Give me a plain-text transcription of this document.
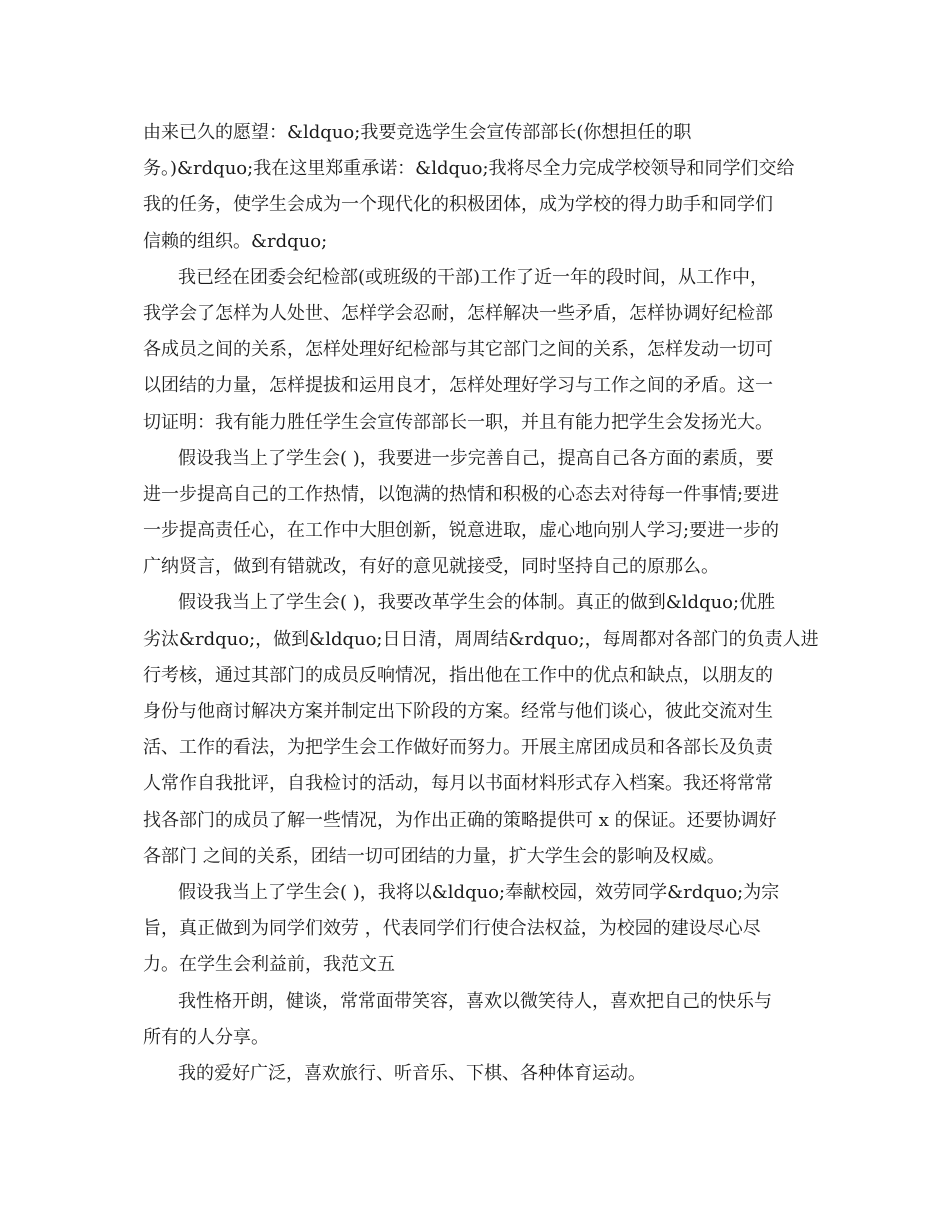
由来已久的愿望：&ldquo;我要竞选学生会宣传部部长(你想担任的职
务。)&rdquo;我在这里郑重承诺：&ldquo;我将尽全力完成学校领导和同学们交给
我的任务，使学生会成为一个现代化的积极团体，成为学校的得力助手和同学们
信赖的组织。&rdquo;
我已经在团委会纪检部(或班级的干部)工作了近一年的段时间，从工作中，
我学会了怎样为人处世、怎样学会忍耐，怎样解决一些矛盾，怎样协调好纪检部
各成员之间的关系，怎样处理好纪检部与其它部门之间的关系，怎样发动一切可
以团结的力量，怎样提拔和运用良才，怎样处理好学习与工作之间的矛盾。这一
切证明：我有能力胜任学生会宣传部部长一职，并且有能力把学生会发扬光大。
假设我当上了学生会( )，我要进一步完善自己，提高自己各方面的素质，要
进一步提高自己的工作热情，以饱满的热情和积极的心态去对待每一件事情;要进
一步提高责任心，在工作中大胆创新，锐意进取，虚心地向别人学习;要进一步的
广纳贤言，做到有错就改，有好的意见就接受，同时坚持自己的原那么。
假设我当上了学生会( )，我要改革学生会的体制。真正的做到&ldquo;优胜
劣汰&rdquo;，做到&ldquo;日日清，周周结&rdquo;，每周都对各部门的负责人进
行考核，通过其部门的成员反响情况，指出他在工作中的优点和缺点，以朋友的
身份与他商讨解决方案并制定出下阶段的方案。经常与他们谈心，彼此交流对生
活、工作的看法，为把学生会工作做好而努力。开展主席团成员和各部长及负责
人常作自我批评，自我检讨的活动，每月以书面材料形式存入档案。我还将常常
找各部门的成员了解一些情况，为作出正确的策略提供可 x 的保证。还要协调好
各部门 之间的关系，团结一切可团结的力量，扩大学生会的影响及权威。
假设我当上了学生会( )，我将以&ldquo;奉献校园，效劳同学&rdquo;为宗
旨，真正做到为同学们效劳 ，代表同学们行使合法权益，为校园的建设尽心尽
力。在学生会利益前，我范文五
我性格开朗，健谈，常常面带笑容，喜欢以微笑待人，喜欢把自己的快乐与
所有的人分享。
我的爱好广泛，喜欢旅行、听音乐、下棋、各种体育运动。
